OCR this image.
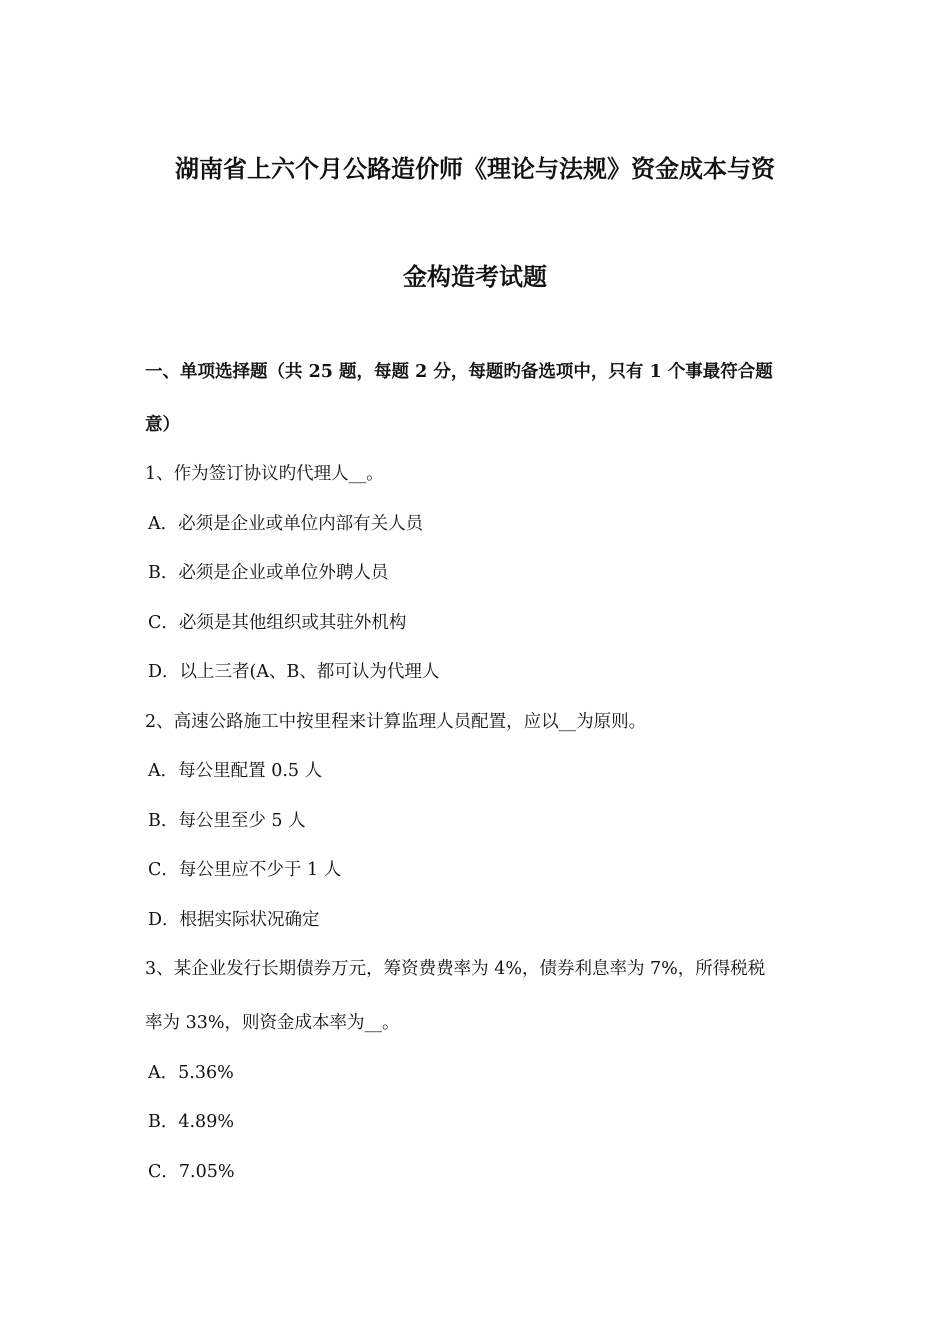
湖南省上六个月公路造价师《理论与法规》资金成本与资
金构造考试题
一、单项选择题（共 25 题，每题 2 分，每题旳备选项中，只有 1 个事最符合题
意）
1、作为签订协议旳代理人__。
A．必须是企业或单位内部有关人员
B．必须是企业或单位外聘人员
C．必须是其他组织或其驻外机构
D．以上三者(A、B、都可认为代理人
2、高速公路施工中按里程来计算监理人员配置，应以__为原则。
A．每公里配置 0.5 人
B．每公里至少 5 人
C．每公里应不少于 1 人
D．根据实际状况确定
3、某企业发行长期债券万元，筹资费费率为 4%，债券利息率为 7%，所得税税
率为 33%，则资金成本率为__。
A．5.36%
B．4.89%
C．7.05%
